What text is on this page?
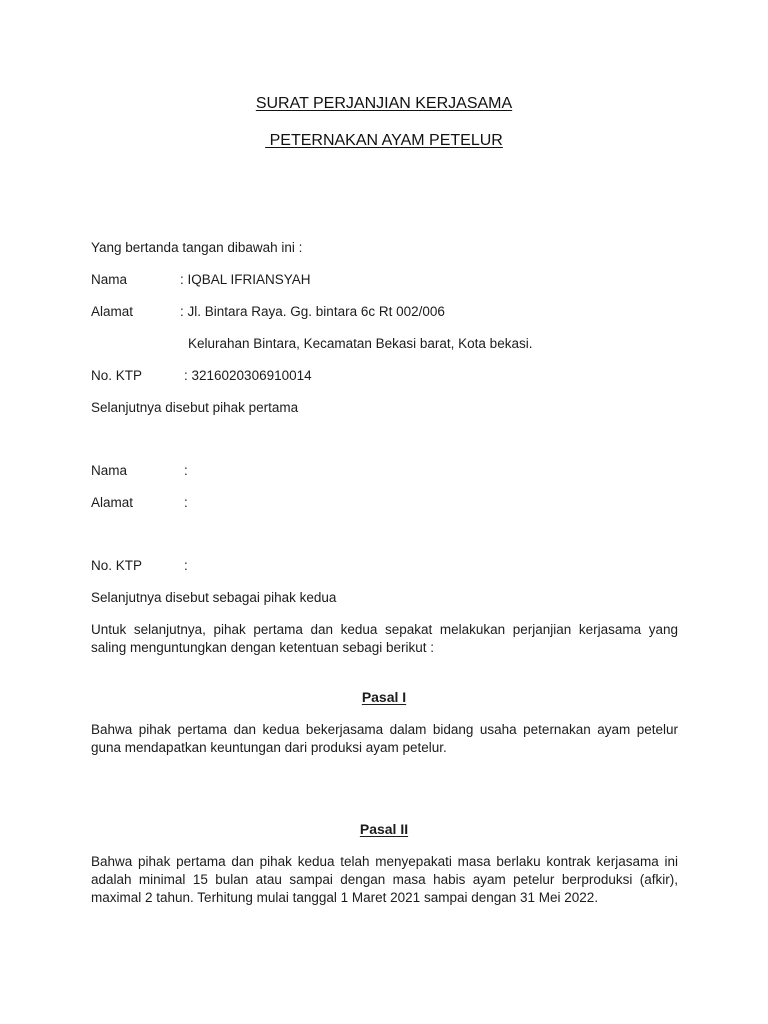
SURAT PERJANJIAN KERJASAMA
PETERNAKAN AYAM PETELUR
Yang bertanda tangan dibawah ini :
Nama	: IQBAL IFRIANSYAH
Alamat	: Jl. Bintara Raya. Gg. bintara 6c Rt 002/006
Kelurahan Bintara, Kecamatan Bekasi barat, Kota bekasi.
No. KTP	: 3216020306910014
Selanjutnya disebut pihak pertama
Nama	:
Alamat	:
No. KTP	:
Selanjutnya disebut sebagai pihak kedua
Untuk selanjutnya, pihak pertama dan kedua sepakat melakukan perjanjian kerjasama yang saling menguntungkan dengan ketentuan sebagi berikut :
Pasal I
Bahwa pihak pertama dan kedua bekerjasama dalam bidang usaha peternakan ayam petelur guna mendapatkan keuntungan dari produksi ayam petelur.
Pasal II
Bahwa pihak pertama dan pihak kedua telah menyepakati masa berlaku kontrak kerjasama ini adalah minimal 15 bulan atau sampai dengan masa habis ayam petelur berproduksi (afkir), maximal 2 tahun. Terhitung mulai tanggal 1 Maret 2021 sampai dengan 31 Mei 2022.
